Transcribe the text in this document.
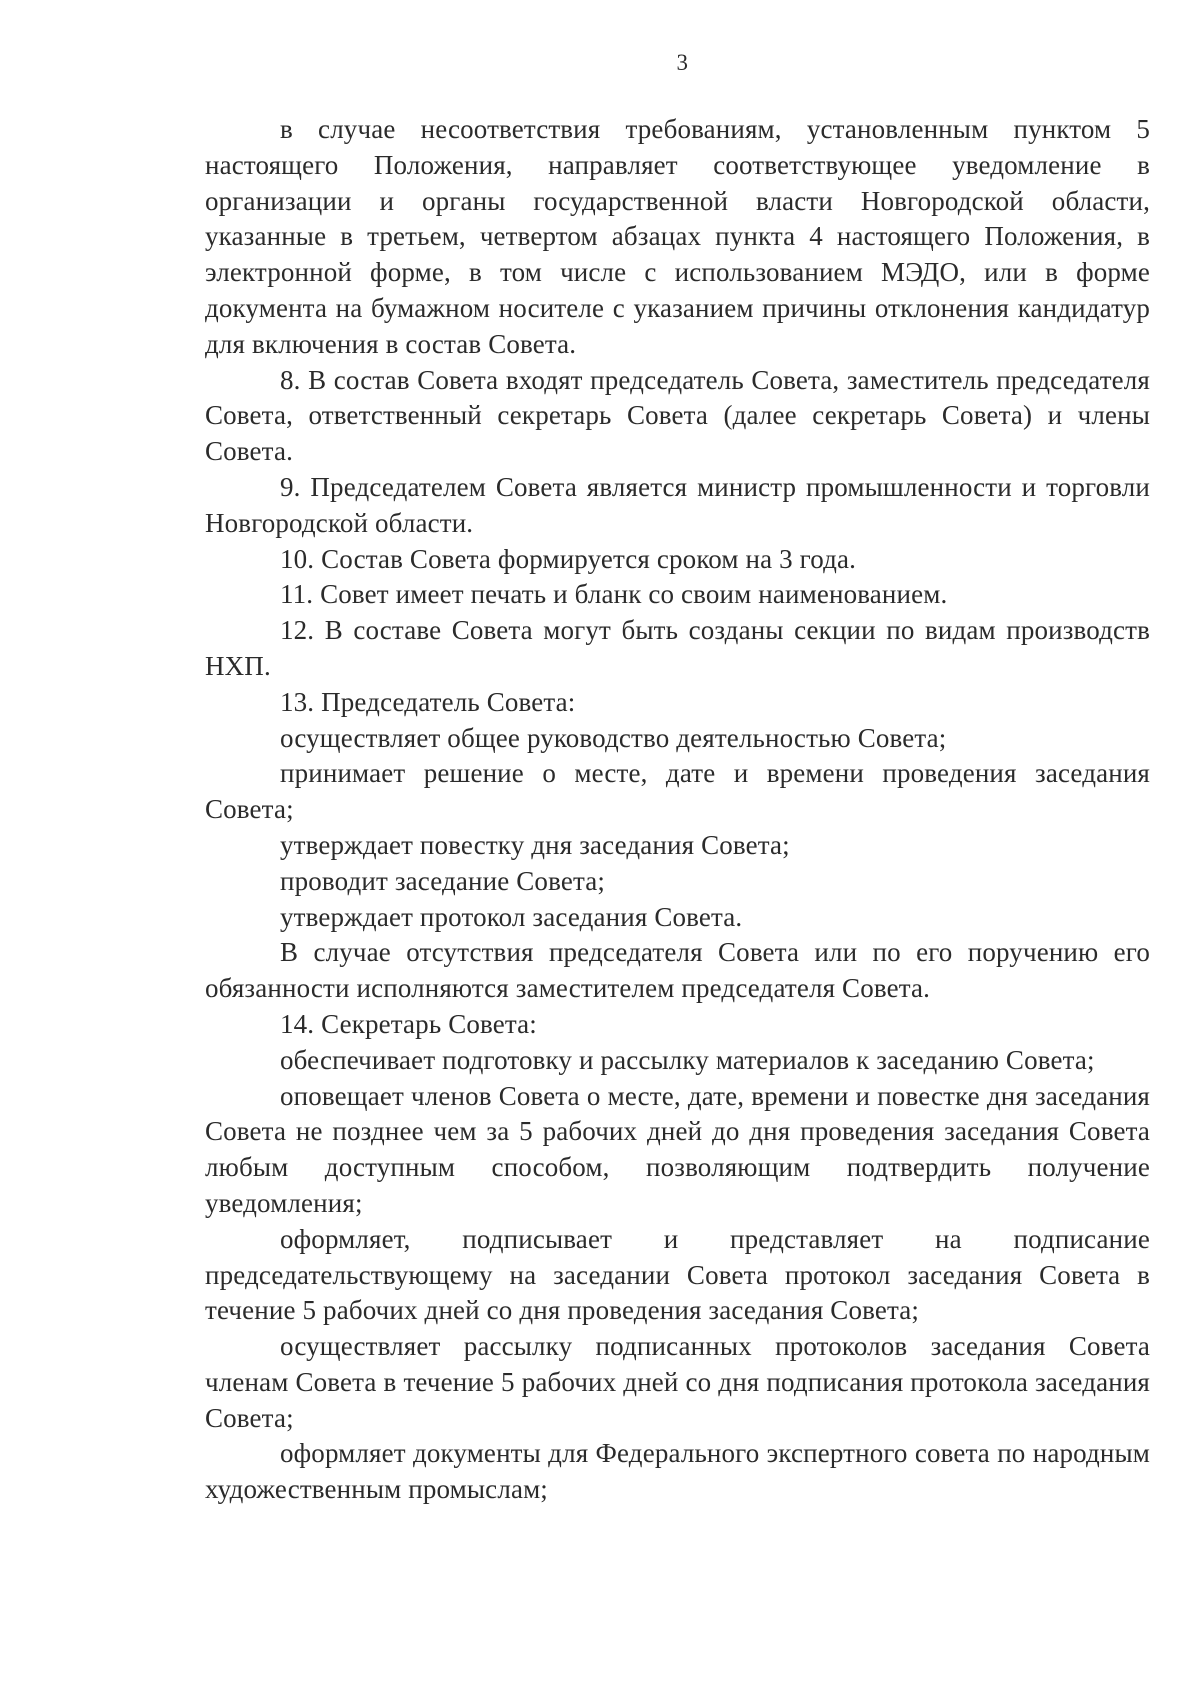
3

в случае несоответствия требованиям, установленным пунктом 5 настоящего Положения, направляет соответствующее уведомление в организации и органы государственной власти Новгородской области, указанные в третьем, четвертом абзацах пункта 4 настоящего Положения, в электронной форме, в том числе с использованием МЭДО, или в форме документа на бумажном носителе с указанием причины отклонения кандидатур для включения в состав Совета.

8. В состав Совета входят председатель Совета, заместитель председателя Совета, ответственный секретарь Совета (далее секретарь Совета) и члены Совета.

9. Председателем Совета является министр промышленности и торговли Новгородской области.

10. Состав Совета формируется сроком на 3 года.

11. Совет имеет печать и бланк со своим наименованием.

12. В составе Совета могут быть созданы секции по видам производств НХП.

13. Председатель Совета:

осуществляет общее руководство деятельностью Совета;

принимает решение о месте, дате и времени проведения заседания Совета;

утверждает повестку дня заседания Совета;

проводит заседание Совета;

утверждает протокол заседания Совета.

В случае отсутствия председателя Совета или по его поручению его обязанности исполняются заместителем председателя Совета.

14. Секретарь Совета:

обеспечивает подготовку и рассылку материалов к заседанию Совета;

оповещает членов Совета о месте, дате, времени и повестке дня заседания Совета не позднее чем за 5 рабочих дней до дня проведения заседания Совета любым доступным способом, позволяющим подтвердить получение уведомления;

оформляет, подписывает и представляет на подписание председательствующему на заседании Совета протокол заседания Совета в течение 5 рабочих дней со дня проведения заседания Совета;

осуществляет рассылку подписанных протоколов заседания Совета членам Совета в течение 5 рабочих дней со дня подписания протокола заседания Совета;

оформляет документы для Федерального экспертного совета по народным художественным промыслам;
